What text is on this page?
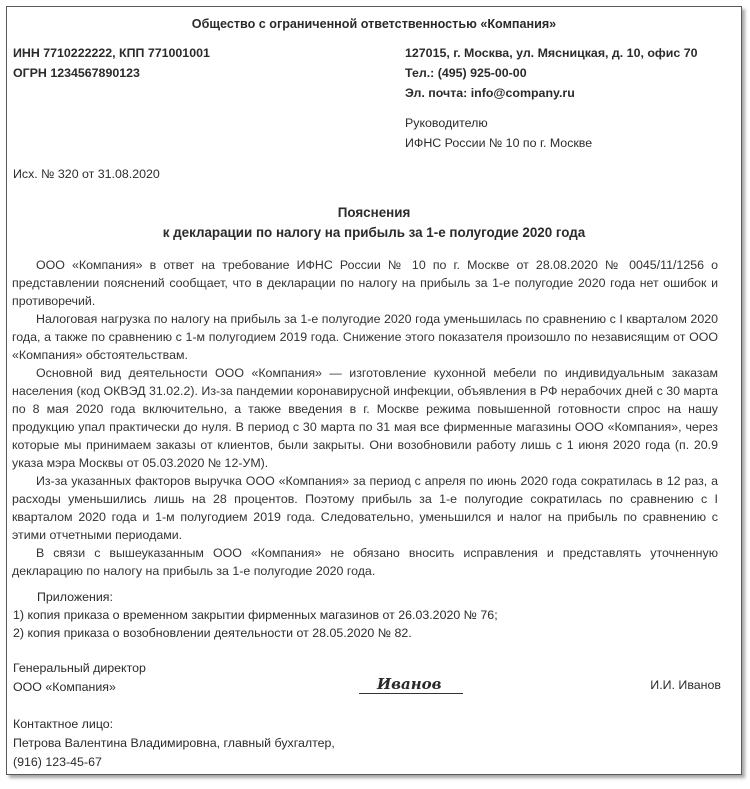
Общество с ограниченной ответственностью «Компания»
ИНН 7710222222, КПП 771001001
ОГРН 1234567890123
127015, г. Москва, ул. Мясницкая, д. 10, офис 70
Тел.: (495) 925-00-00
Эл. почта: info@company.ru
Руководителю
ИФНС России № 10 по г. Москве
Исх. № 320 от 31.08.2020
Пояснения
к декларации по налогу на прибыль за 1-е полугодие 2020 года

ООО «Компания» в ответ на требование ИФНС России № 10 по г. Москве от 28.08.2020 № 0045/11/1256 о представлении пояснений сообщает, что в декларации по налогу на прибыль за 1-е полугодие 2020 года нет ошибок и противоречий.

Налоговая нагрузка по налогу на прибыль за 1-е полугодие 2020 года уменьшилась по сравнению с I кварталом 2020 года, а также по сравнению с 1-м полугодием 2019 года. Снижение этого показателя произошло по независящим от ООО «Компания» обстоятельствам.

Основной вид деятельности ООО «Компания» — изготовление кухонной мебели по индивидуальным заказам населения (код ОКВЭД 31.02.2). Из-за пандемии коронавирусной инфекции, объявления в РФ нерабочих дней с 30 марта по 8 мая 2020 года включительно, а также введения в г. Москве режима повышенной готовности спрос на нашу продукцию упал практически до нуля. В период с 30 марта по 31 мая все фирменные магазины ООО «Компания», через которые мы принимаем заказы от клиентов, были закрыты. Они возобновили работу лишь с 1 июня 2020 года (п. 20.9 указа мэра Москвы от 05.03.2020 № 12-УМ).

Из-за указанных факторов выручка ООО «Компания» за период с апреля по июнь 2020 года сократилась в 12 раз, а расходы уменьшились лишь на 28 процентов. Поэтому прибыль за 1-е полугодие сократилась по сравнению с I кварталом 2020 года и 1-м полугодием 2019 года. Следовательно, уменьшился и налог на прибыль по сравнению с этими отчетными периодами.

В связи с вышеуказанным ООО «Компания» не обязано вносить исправления и представлять уточненную декларацию по налогу на прибыль за 1-е полугодие 2020 года.

Приложения:
1) копия приказа о временном закрытии фирменных магазинов от 26.03.2020 № 76;
2) копия приказа о возобновлении деятельности от 28.05.2020 № 82.
Генеральный директор
ООО «Компания»	Иванов	И.И. Иванов
Контактное лицо:
Петрова Валентина Владимировна, главный бухгалтер,
(916) 123-45-67
